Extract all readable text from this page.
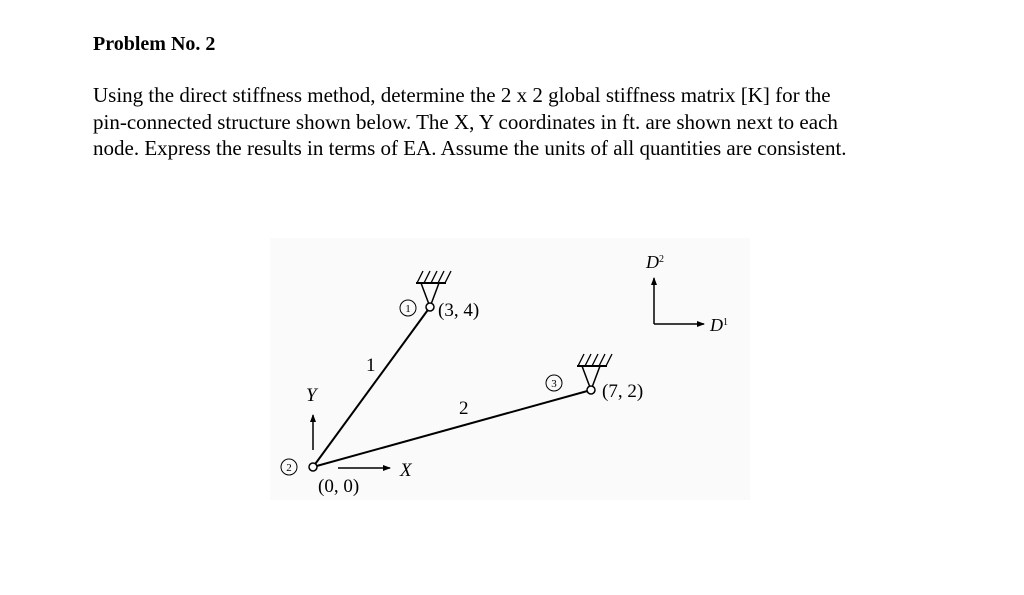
Problem No. 2

Using the direct stiffness method, determine the 2 x 2 global stiffness matrix [K] for the
pin-connected structure shown below. The X, Y coordinates in ft. are shown next to each
node. Express the results in terms of EA. Assume the units of all quantities are consistent.

1
2
3
(3, 4)
(0, 0)
(7, 2)
1
2
Y
X
$D^2$
$D^1$
